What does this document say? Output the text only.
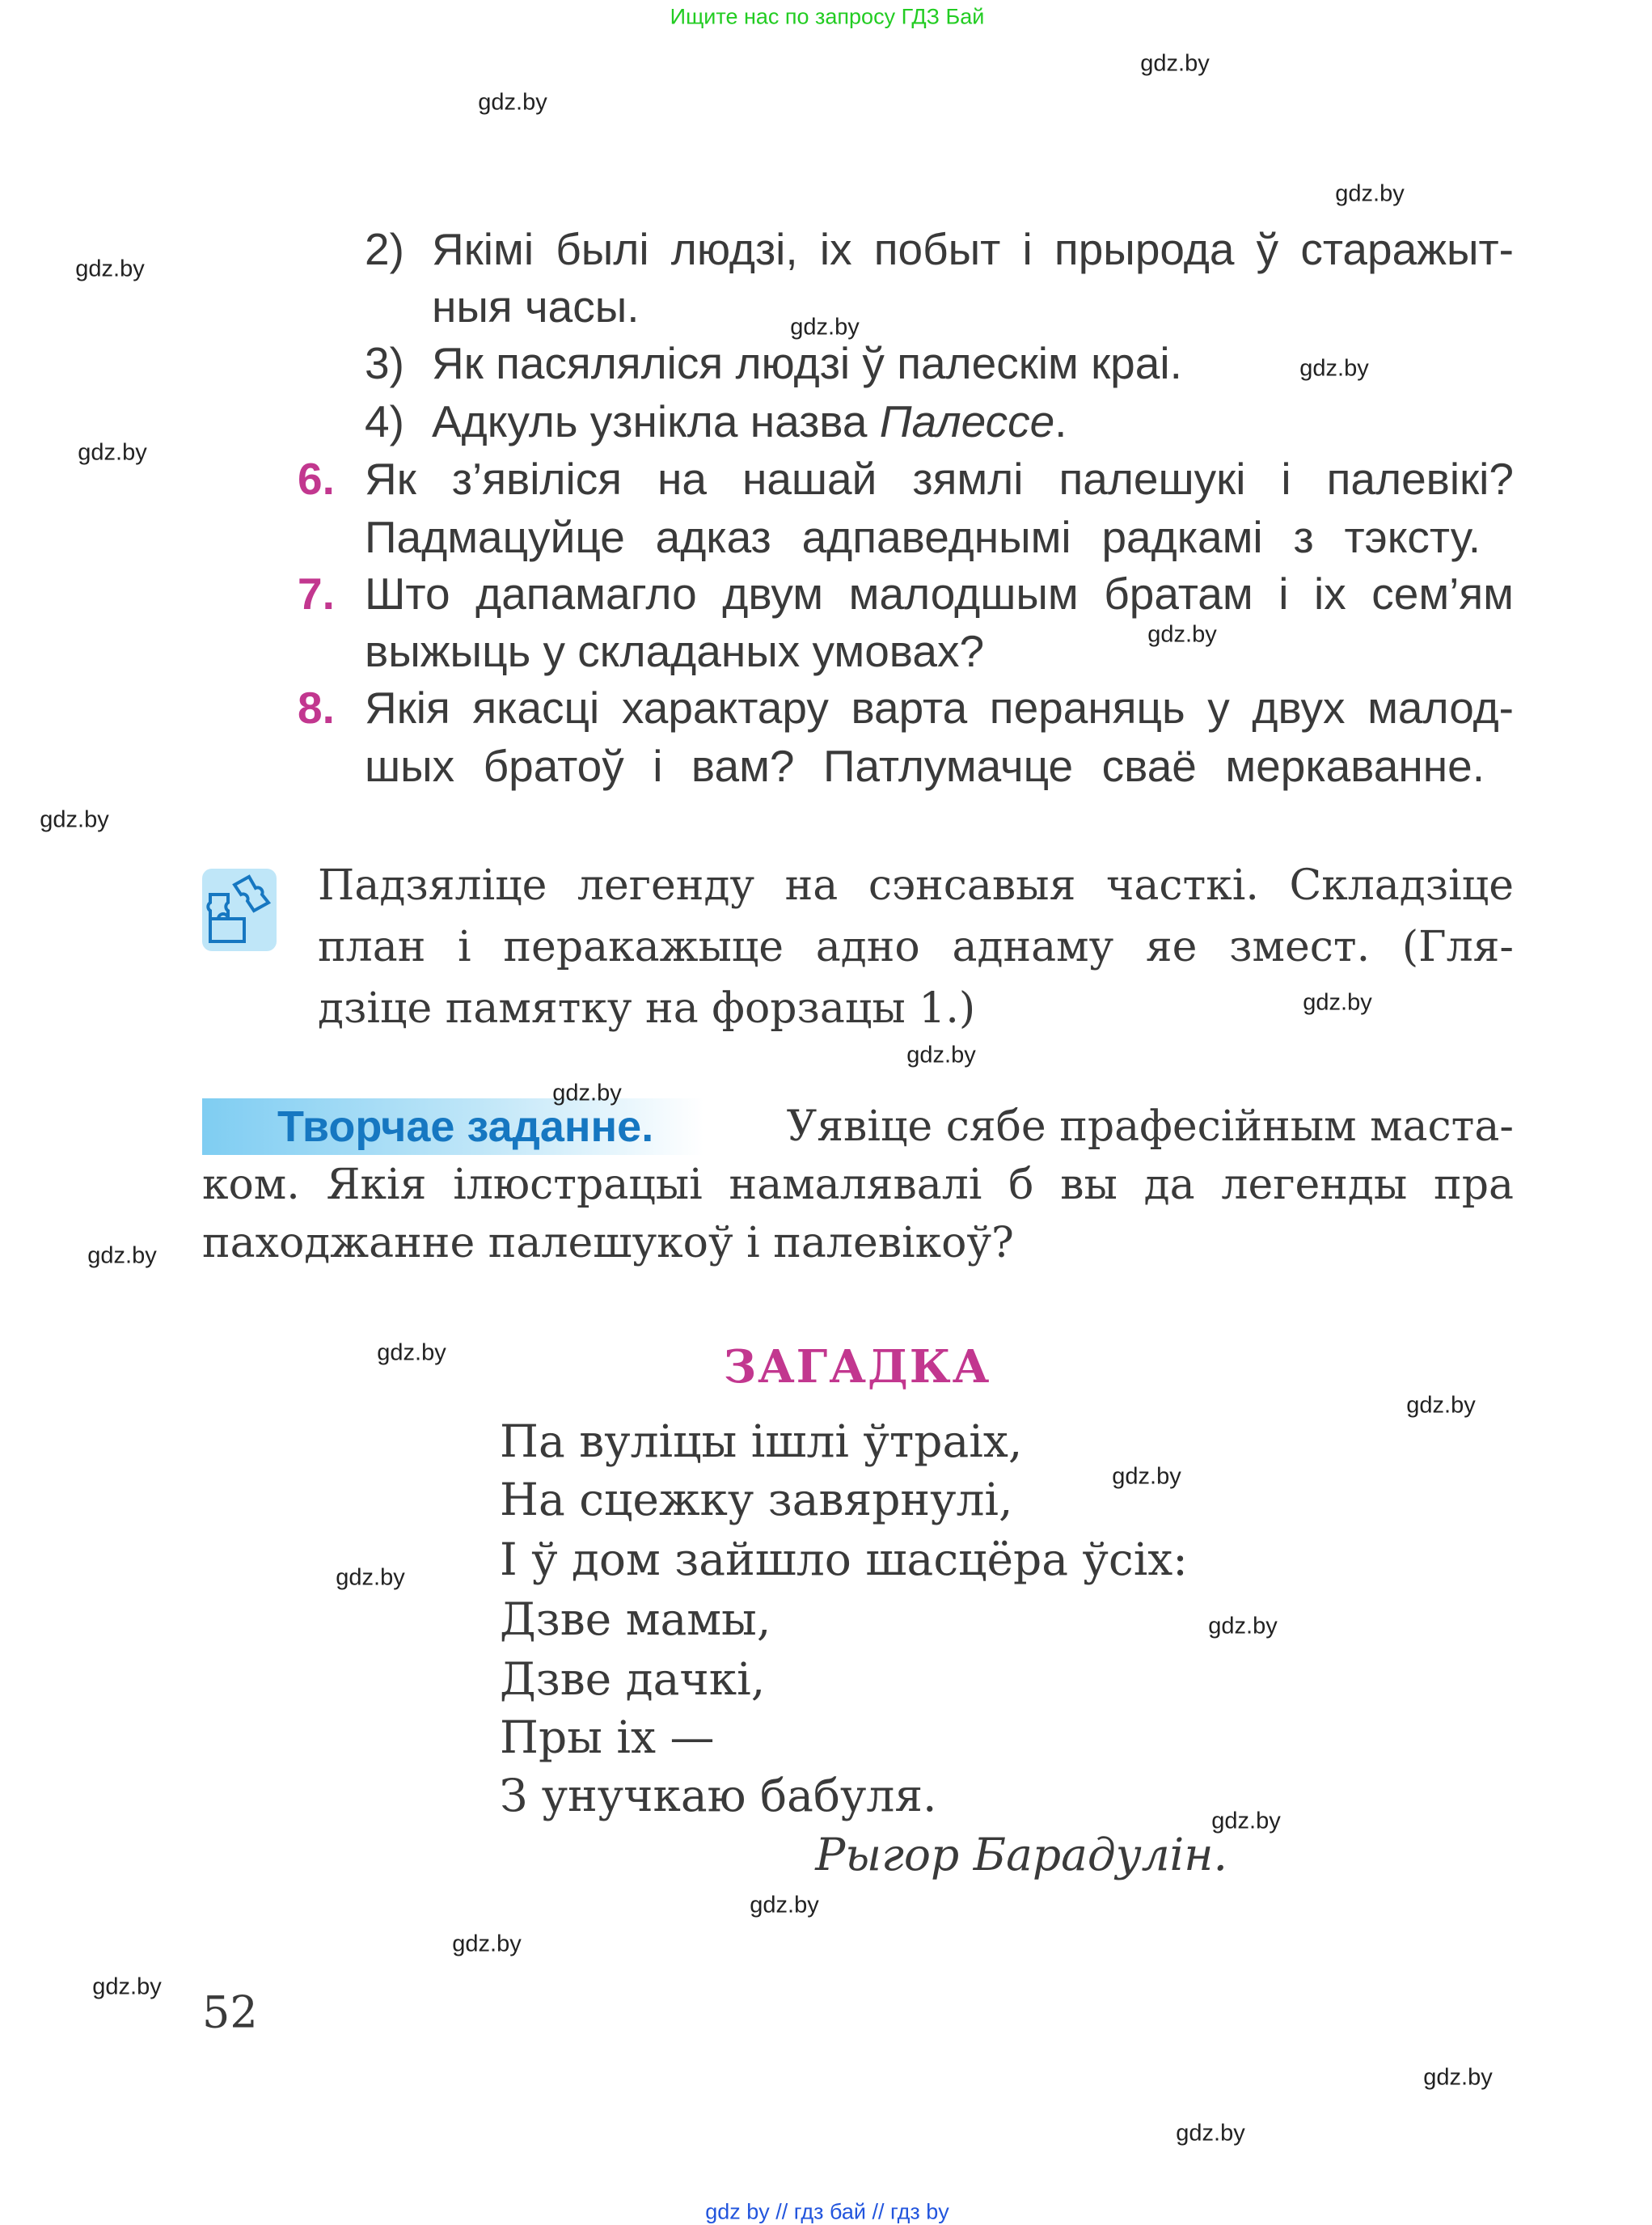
Ищите нас по запросу ГДЗ Бай
2) Якімі былі людзі, іх побыт і прырода ў старажыт-
ныя часы.
3) Як пасяляліся людзі ў палескім краі.
4) Адкуль узнікла назва Палессе.
6. Як з’явіліся на нашай зямлі палешукі і палевікі?
Падмацуйце адказ адпаведнымі радкамі з тэксту.
7. Што дапамагло двум малодшым братам і іх сем’ям
выжыць у складаных умовах?
8. Якія якасці характару варта пераняць у двух малод-
шых братоў і вам? Патлумачце сваё меркаванне.
Падзяліце легенду на сэнсавыя часткі. Складзіце
план і перакажыце адно аднаму яе змест. (Гля-
дзіце памятку на форзацы 1.)
Творчае заданне.	Уявіце сябе прафесійным маста-
ком. Якія ілюстрацыі намалявалі б вы да легенды пра
паходжанне палешукоў і палевікоў?
ЗАГАДКА
Па вуліцы ішлі ўтраіх,
На сцежку завярнулі,
І ў дом зайшло шасцёра ўсіх:
Дзве мамы,
Дзве дачкі,
Пры іх —
З унучкаю бабуля.
Рыгор Барадулін.
52
gdz.by
gdz.by
gdz.by
gdz.by
gdz.by
gdz.by
gdz.by
gdz.by
gdz.by
gdz.by
gdz.by
gdz.by
gdz.by
gdz.by
gdz.by
gdz.by
gdz.by
gdz.by
gdz.by
gdz.by
gdz.by
gdz.by
gdz.by
gdz.by
gdz by // гдз бай // гдз by
